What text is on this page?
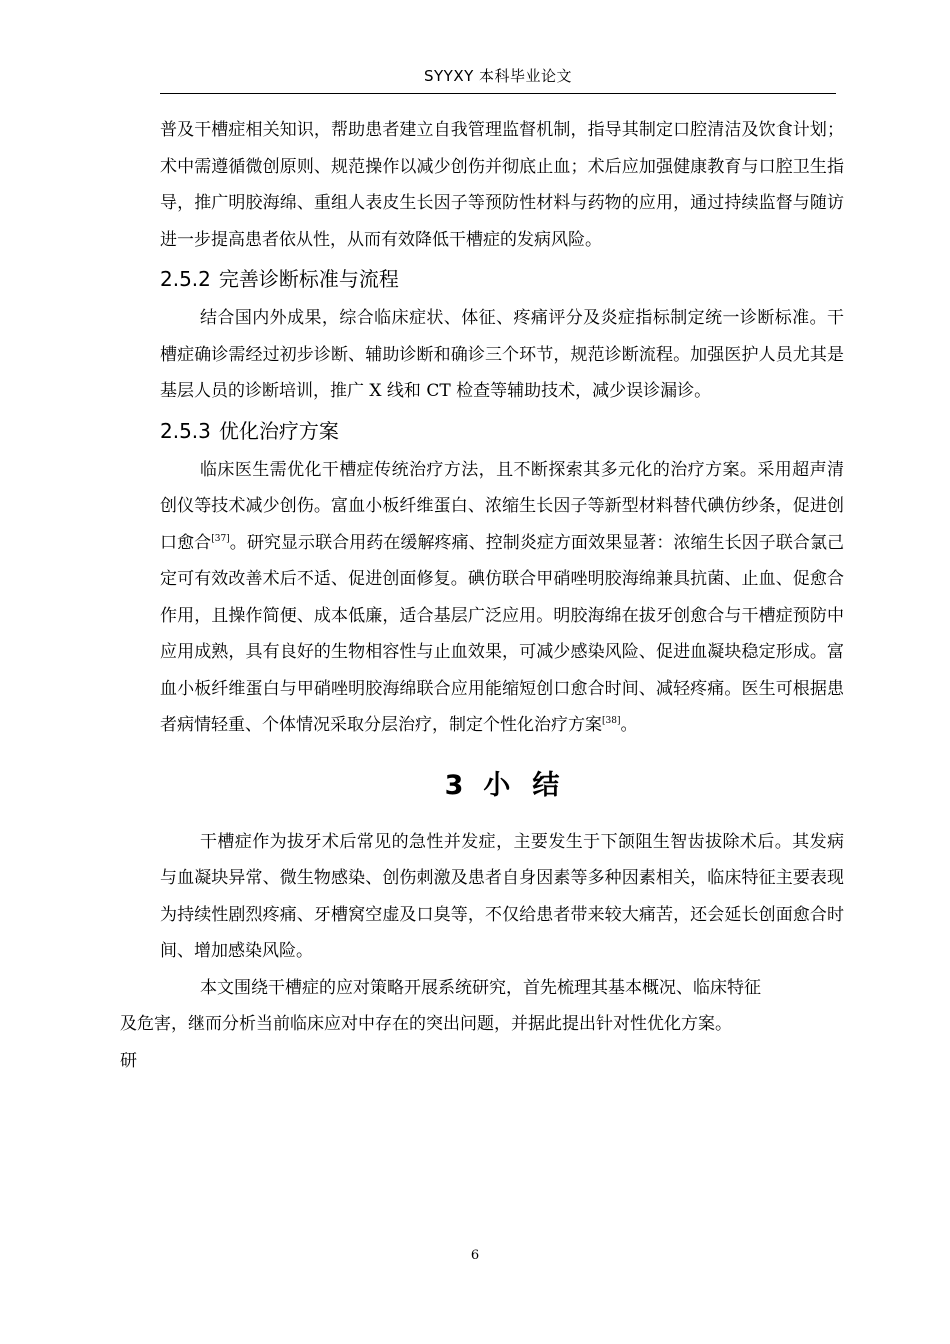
SYYXY 本科毕业论文

普及干槽症相关知识，帮助患者建立自我管理监督机制，指导其制定口腔清洁及饮食计划；术中需遵循微创原则、规范操作以减少创伤并彻底止血；术后应加强健康教育与口腔卫生指导，推广明胶海绵、重组人表皮生长因子等预防性材料与药物的应用，通过持续监督与随访进一步提高患者依从性，从而有效降低干槽症的发病风险。

2.5.2 完善诊断标准与流程

结合国内外成果，综合临床症状、体征、疼痛评分及炎症指标制定统一诊断标准。干槽症确诊需经过初步诊断、辅助诊断和确诊三个环节，规范诊断流程。加强医护人员尤其是基层人员的诊断培训，推广 X 线和 CT 检查等辅助技术，减少误诊漏诊。

2.5.3 优化治疗方案

临床医生需优化干槽症传统治疗方法，且不断探索其多元化的治疗方案。采用超声清创仪等技术减少创伤。富血小板纤维蛋白、浓缩生长因子等新型材料替代碘仿纱条，促进创口愈合[37]。研究显示联合用药在缓解疼痛、控制炎症方面效果显著：浓缩生长因子联合氯己定可有效改善术后不适、促进创面修复。碘仿联合甲硝唑明胶海绵兼具抗菌、止血、促愈合作用，且操作简便、成本低廉，适合基层广泛应用。明胶海绵在拔牙创愈合与干槽症预防中应用成熟，具有良好的生物相容性与止血效果，可减少感染风险、促进血凝块稳定形成。富血小板纤维蛋白与甲硝唑明胶海绵联合应用能缩短创口愈合时间、减轻疼痛。医生可根据患者病情轻重、个体情况采取分层治疗，制定个性化治疗方案[38]。

3 小 结

干槽症作为拔牙术后常见的急性并发症，主要发生于下颌阻生智齿拔除术后。其发病与血凝块异常、微生物感染、创伤刺激及患者自身因素等多种因素相关，临床特征主要表现为持续性剧烈疼痛、牙槽窝空虚及口臭等，不仅给患者带来较大痛苦，还会延长创面愈合时间、增加感染风险。

本文围绕干槽症的应对策略开展系统研究，首先梳理其基本概况、临床特征
及危害，继而分析当前临床应对中存在的突出问题，并据此提出针对性优化方案。
研

6
